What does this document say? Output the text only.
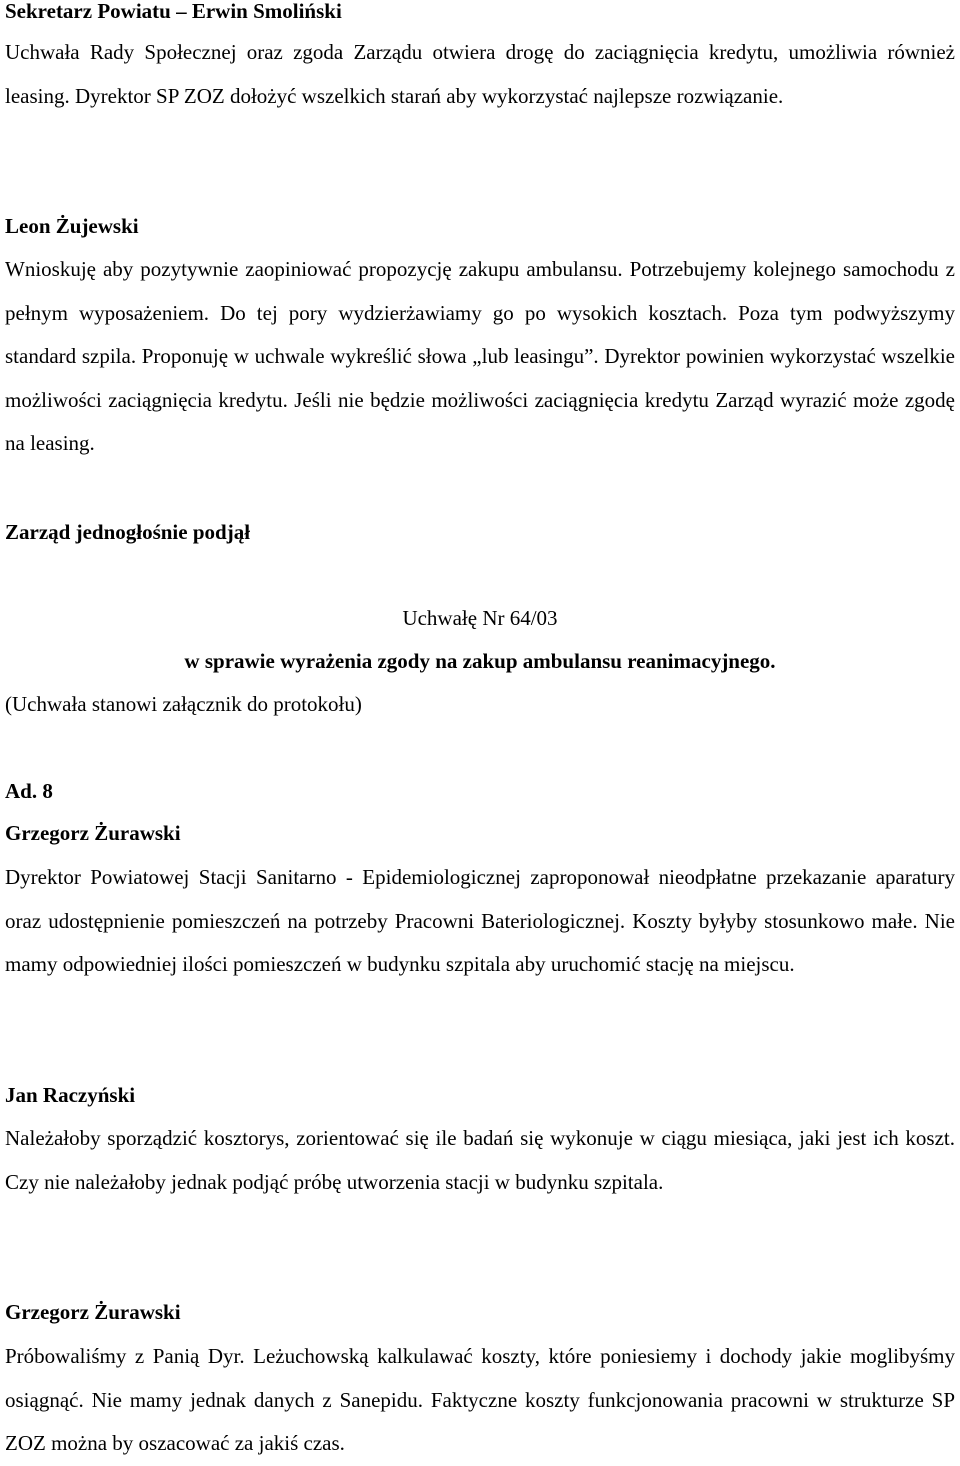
Sekretarz Powiatu – Erwin Smoliński

Uchwała Rady Społecznej oraz zgoda Zarządu otwiera drogę do zaciągnięcia kredytu, umożliwia również leasing. Dyrektor SP ZOZ dołożyć wszelkich starań aby wykorzystać najlepsze rozwiązanie.

Leon Żujewski

Wnioskuję aby pozytywnie zaopiniować propozycję zakupu ambulansu. Potrzebujemy kolejnego samochodu z pełnym wyposażeniem. Do tej pory wydzierżawiamy go po wysokich kosztach. Poza tym podwyższymy standard szpila. Proponuję w uchwale wykreślić słowa „lub leasingu”. Dyrektor powinien wykorzystać wszelkie możliwości zaciągnięcia kredytu. Jeśli nie będzie możliwości zaciągnięcia kredytu Zarząd wyrazić może zgodę na leasing.

Zarząd jednogłośnie podjął

Uchwałę Nr 64/03

w sprawie wyrażenia zgody na zakup ambulansu reanimacyjnego.

(Uchwała stanowi załącznik do protokołu)

Ad. 8

Grzegorz Żurawski

Dyrektor Powiatowej Stacji Sanitarno - Epidemiologicznej zaproponował nieodpłatne przekazanie aparatury oraz udostępnienie pomieszczeń na potrzeby Pracowni Bateriologicznej. Koszty byłyby stosunkowo małe. Nie mamy odpowiedniej ilości pomieszczeń w budynku szpitala aby uruchomić stację na miejscu.

Jan Raczyński

Należałoby sporządzić kosztorys, zorientować się ile badań się wykonuje w ciągu miesiąca, jaki jest ich koszt. Czy nie należałoby jednak podjąć próbę utworzenia stacji w budynku szpitala.

Grzegorz Żurawski

Próbowaliśmy z Panią Dyr. Leżuchowską kalkulawać koszty, które poniesiemy i dochody jakie moglibyśmy osiągnąć. Nie mamy jednak danych z Sanepidu. Faktyczne koszty funkcjonowania pracowni w strukturze SP ZOZ można by oszacować za jakiś czas.
